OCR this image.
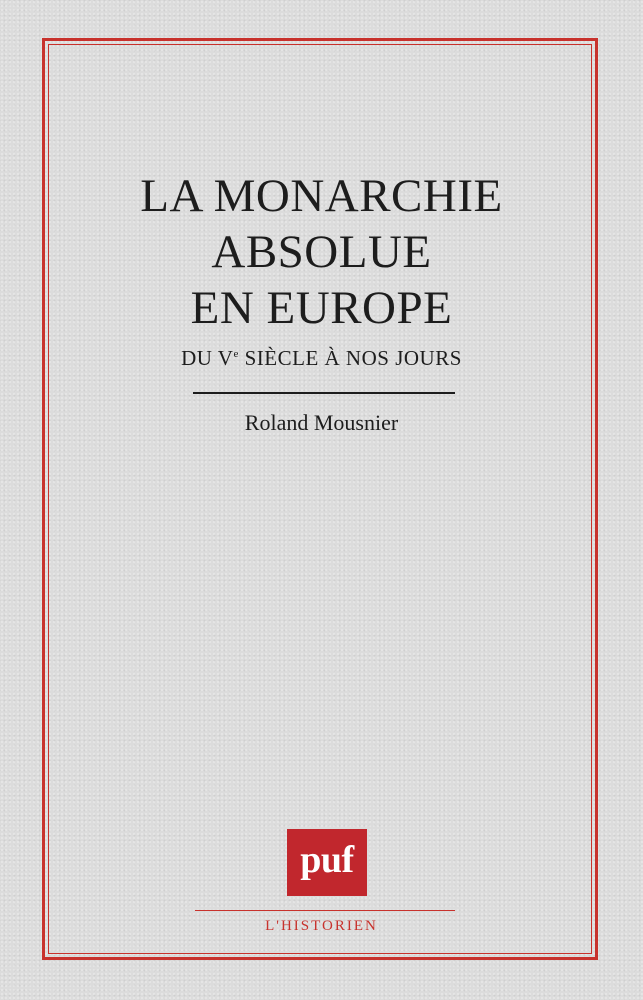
LA MONARCHIE
ABSOLUE
EN EUROPE
DU Ve SIÈCLE À NOS JOURS
Roland Mousnier
puf
L'HISTORIEN
